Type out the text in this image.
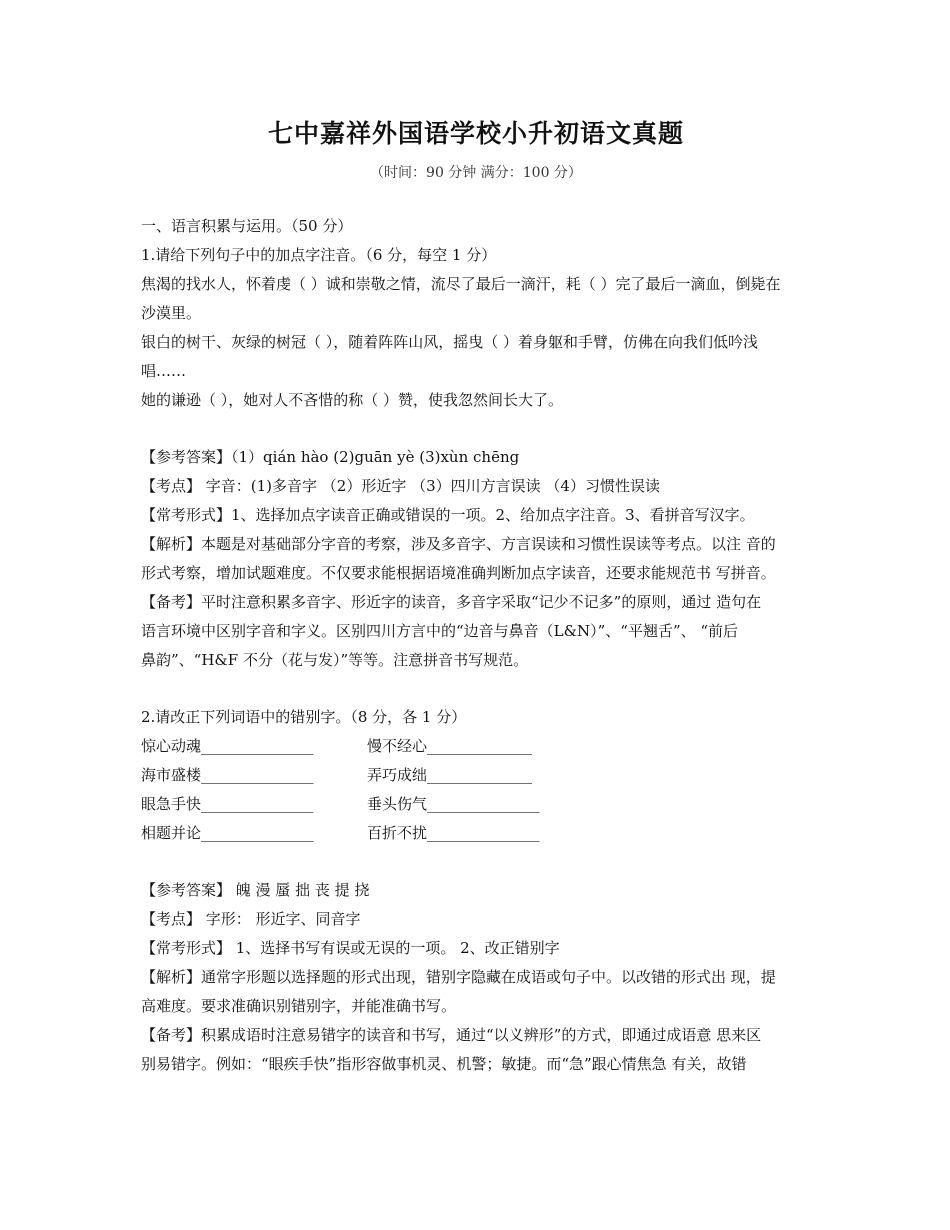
七中嘉祥外国语学校小升初语文真题
（时间：90 分钟 满分：100 分）
一、语言积累与运用。（50 分）
1.请给下列句子中的加点字注音。（6 分，每空 1 分）
焦渴的找水人，怀着虔（ ）诚和崇敬之情，流尽了最后一滴汗，耗（ ）完了最后一滴血，倒毙在
沙漠里。
银白的树干、灰绿的树冠（ ），随着阵阵山风，摇曳（ ）着身躯和手臂，仿佛在向我们低吟浅
唱……
她的谦逊（ ），她对人不吝惜的称（ ）赞，使我忽然间长大了。
【参考答案】（1）qián hào (2)guān yè (3)xùn chēng
【考点】 字音：(1)多音字 （2）形近字 （3）四川方言误读 （4）习惯性误读
【常考形式】1、选择加点字读音正确或错误的一项。2、给加点字注音。3、看拼音写汉字。
【解析】本题是对基础部分字音的考察，涉及多音字、方言误读和习惯性误读等考点。以注 音的
形式考察，增加试题难度。不仅要求能根据语境准确判断加点字读音，还要求能规范书 写拼音。
【备考】平时注意积累多音字、形近字的读音，多音字采取“记少不记多”的原则，通过 造句在
语言环境中区别字音和字义。区别四川方言中的“边音与鼻音（L&N）”、“平翘舌”、 “前后
鼻韵”、“H&F 不分（花与发）”等等。注意拼音书写规范。
2.请改正下列词语中的错别字。（8 分，各 1 分）
惊心动魂_______________	慢不经心______________
海市盛楼_______________	弄巧成绌______________
眼急手快_______________	垂头伤气_______________
相题并论_______________	百折不扰_______________
【参考答案】 魄 漫 蜃 拙 丧 提 挠
【考点】 字形： 形近字、同音字
【常考形式】 1、选择书写有误或无误的一项。 2、改正错别字
【解析】通常字形题以选择题的形式出现，错别字隐藏在成语或句子中。以改错的形式出 现，提
高难度。要求准确识别错别字，并能准确书写。
【备考】积累成语时注意易错字的读音和书写，通过“以义辨形”的方式，即通过成语意 思来区
别易错字。例如：“眼疾手快”指形容做事机灵、机警；敏捷。而“急”跟心情焦急 有关，故错
